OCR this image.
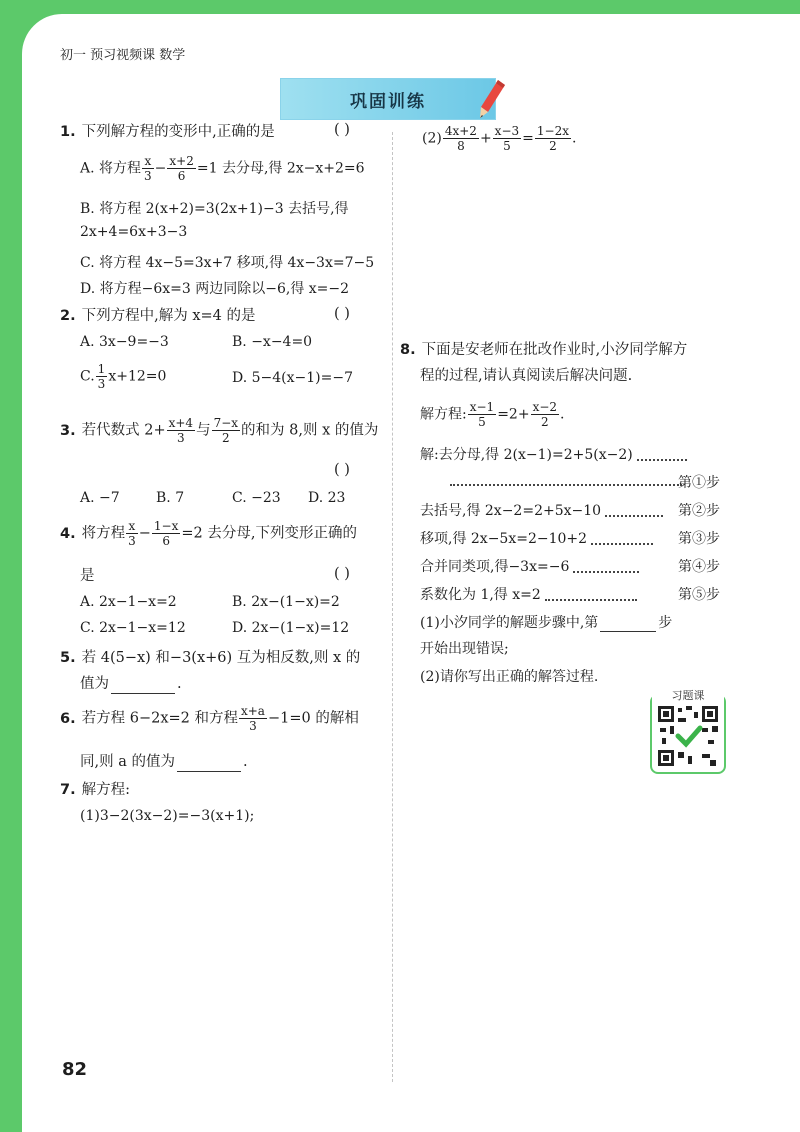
初一 预习视频课 数学
巩固训练
1. 下列解方程的变形中,正确的是	( )
A. 将方程 $\frac{x}{3} - \frac{x+2}{6} =1$ 去分母,得 2x−x+2=6
B. 将方程 2(x+2)=3(2x+1)−3 去括号,得
2x+4=6x+3−3
C. 将方程 4x−5=3x+7 移项,得 4x−3x=7−5
D. 将方程−6x=3 两边同除以−6,得 x=−2
2. 下列方程中,解为 x=4 的是	( )
A. 3x−9=−3	B. −x−4=0
C. $\frac{1}{3} x+12=0$	D. 5−4(x−1)=−7
3. 若代数式 $2+ \frac{x+4}{3}$ 与 $\frac{7-x}{2}$ 的和为 8,则 x 的值为
( )
A. −7	B. 7	C. −23 D. 23
4. 将方程 $\frac{x}{3} - \frac{1-x}{6} =2$ 去分母,下列变形正确的
是	( )
A. 2x−1−x=2	B. 2x−(1−x)=2
C. 2x−1−x=12	D. 2x−(1−x)=12
5. 若 4(5−x) 和−3(x+6) 互为相反数,则 x 的
值为	.
6. 若方程 6−2x=2 和方程 $\frac{x+a}{3} -1=0$ 的解相
同,则 a 的值为	.
7. 解方程:
(1)3−2(3x−2)=−3(x+1);
$(2) \frac{4x+2}{8} + \frac{x-3}{5} = \frac{1-2x}{2}$ .
8. 下面是安老师在批改作业时,小汐同学解方
程的过程,请认真阅读后解决问题.
解方程: $\frac{x-1}{5} =2+ \frac{x-2}{2}$ .
解:去分母,得 2(x−1)=2+5(x−2)
第①步
去括号,得 2x−2=2+5x−10	第②步
移项,得 2x−5x=2−10+2	第③步
合并同类项,得−3x=−6	第④步
系数化为 1,得 x=2	第⑤步
(1)小汐同学的解题步骤中,第	步
开始出现错误;
(2)请你写出正确的解答过程.
习题课
82
